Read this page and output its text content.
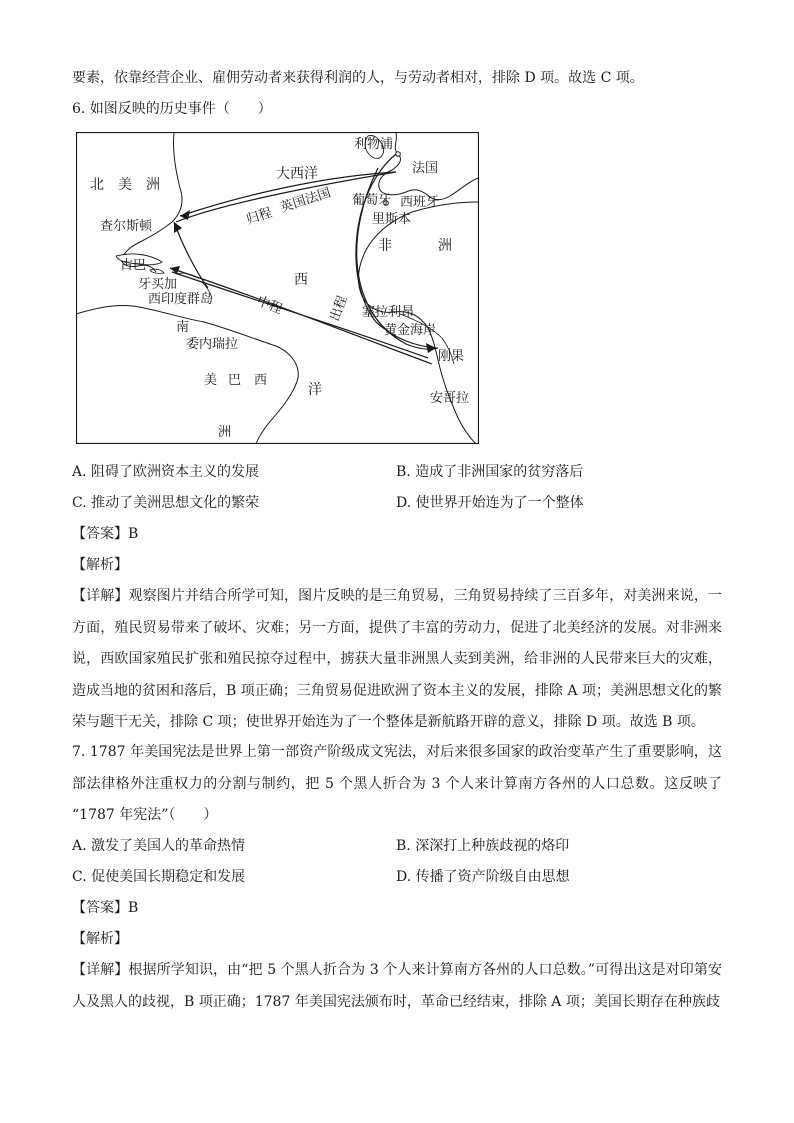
要素，依靠经营企业、雇佣劳动者来获得利润的人，与劳动者相对，排除 D 项。故选 C 项。
6. 如图反映的历史事件（　　）
北　美　洲
大西洋
西
洋
非	洲
南
美
洲
巴　西
查尔斯顿
古巴
牙买加
西印度群岛
委内瑞拉
利物浦
法国
葡萄牙
里斯本
西班牙
归程
英国法国
中程	出程 塞拉利昂
黄金海岸
刚果
安哥拉
A. 阻碍了欧洲资本主义的发展	B. 造成了非洲国家的贫穷落后
C. 推动了美洲思想文化的繁荣	D. 使世界开始连为了一个整体
【答案】B
【解析】
【详解】观察图片并结合所学可知，图片反映的是三角贸易，三角贸易持续了三百多年，对美洲来说，一方面，殖民贸易带来了破坏、灾难；另一方面，提供了丰富的劳动力，促进了北美经济的发展。对非洲来说，西欧国家殖民扩张和殖民掠夺过程中，掳获大量非洲黑人卖到美洲，给非洲的人民带来巨大的灾难，造成当地的贫困和落后，B 项正确；三角贸易促进欧洲了资本主义的发展，排除 A 项；美洲思想文化的繁荣与题干无关，排除 C 项；使世界开始连为了一个整体是新航路开辟的意义，排除 D 项。故选 B 项。
7. 1787 年美国宪法是世界上第一部资产阶级成文宪法，对后来很多国家的政治变革产生了重要影响，这部法律格外注重权力的分割与制约，把 5 个黑人折合为 3 个人来计算南方各州的人口总数。这反映了 “1787 年宪法”（　　）
A. 激发了美国人的革命热情	B. 深深打上种族歧视的烙印
C. 促使美国长期稳定和发展	D. 传播了资产阶级自由思想
【答案】B
【解析】
【详解】根据所学知识，由“把 5 个黑人折合为 3 个人来计算南方各州的人口总数。”可得出这是对印第安人及黑人的歧视，B 项正确；1787 年美国宪法颁布时，革命已经结束，排除 A 项；美国长期存在种族歧
